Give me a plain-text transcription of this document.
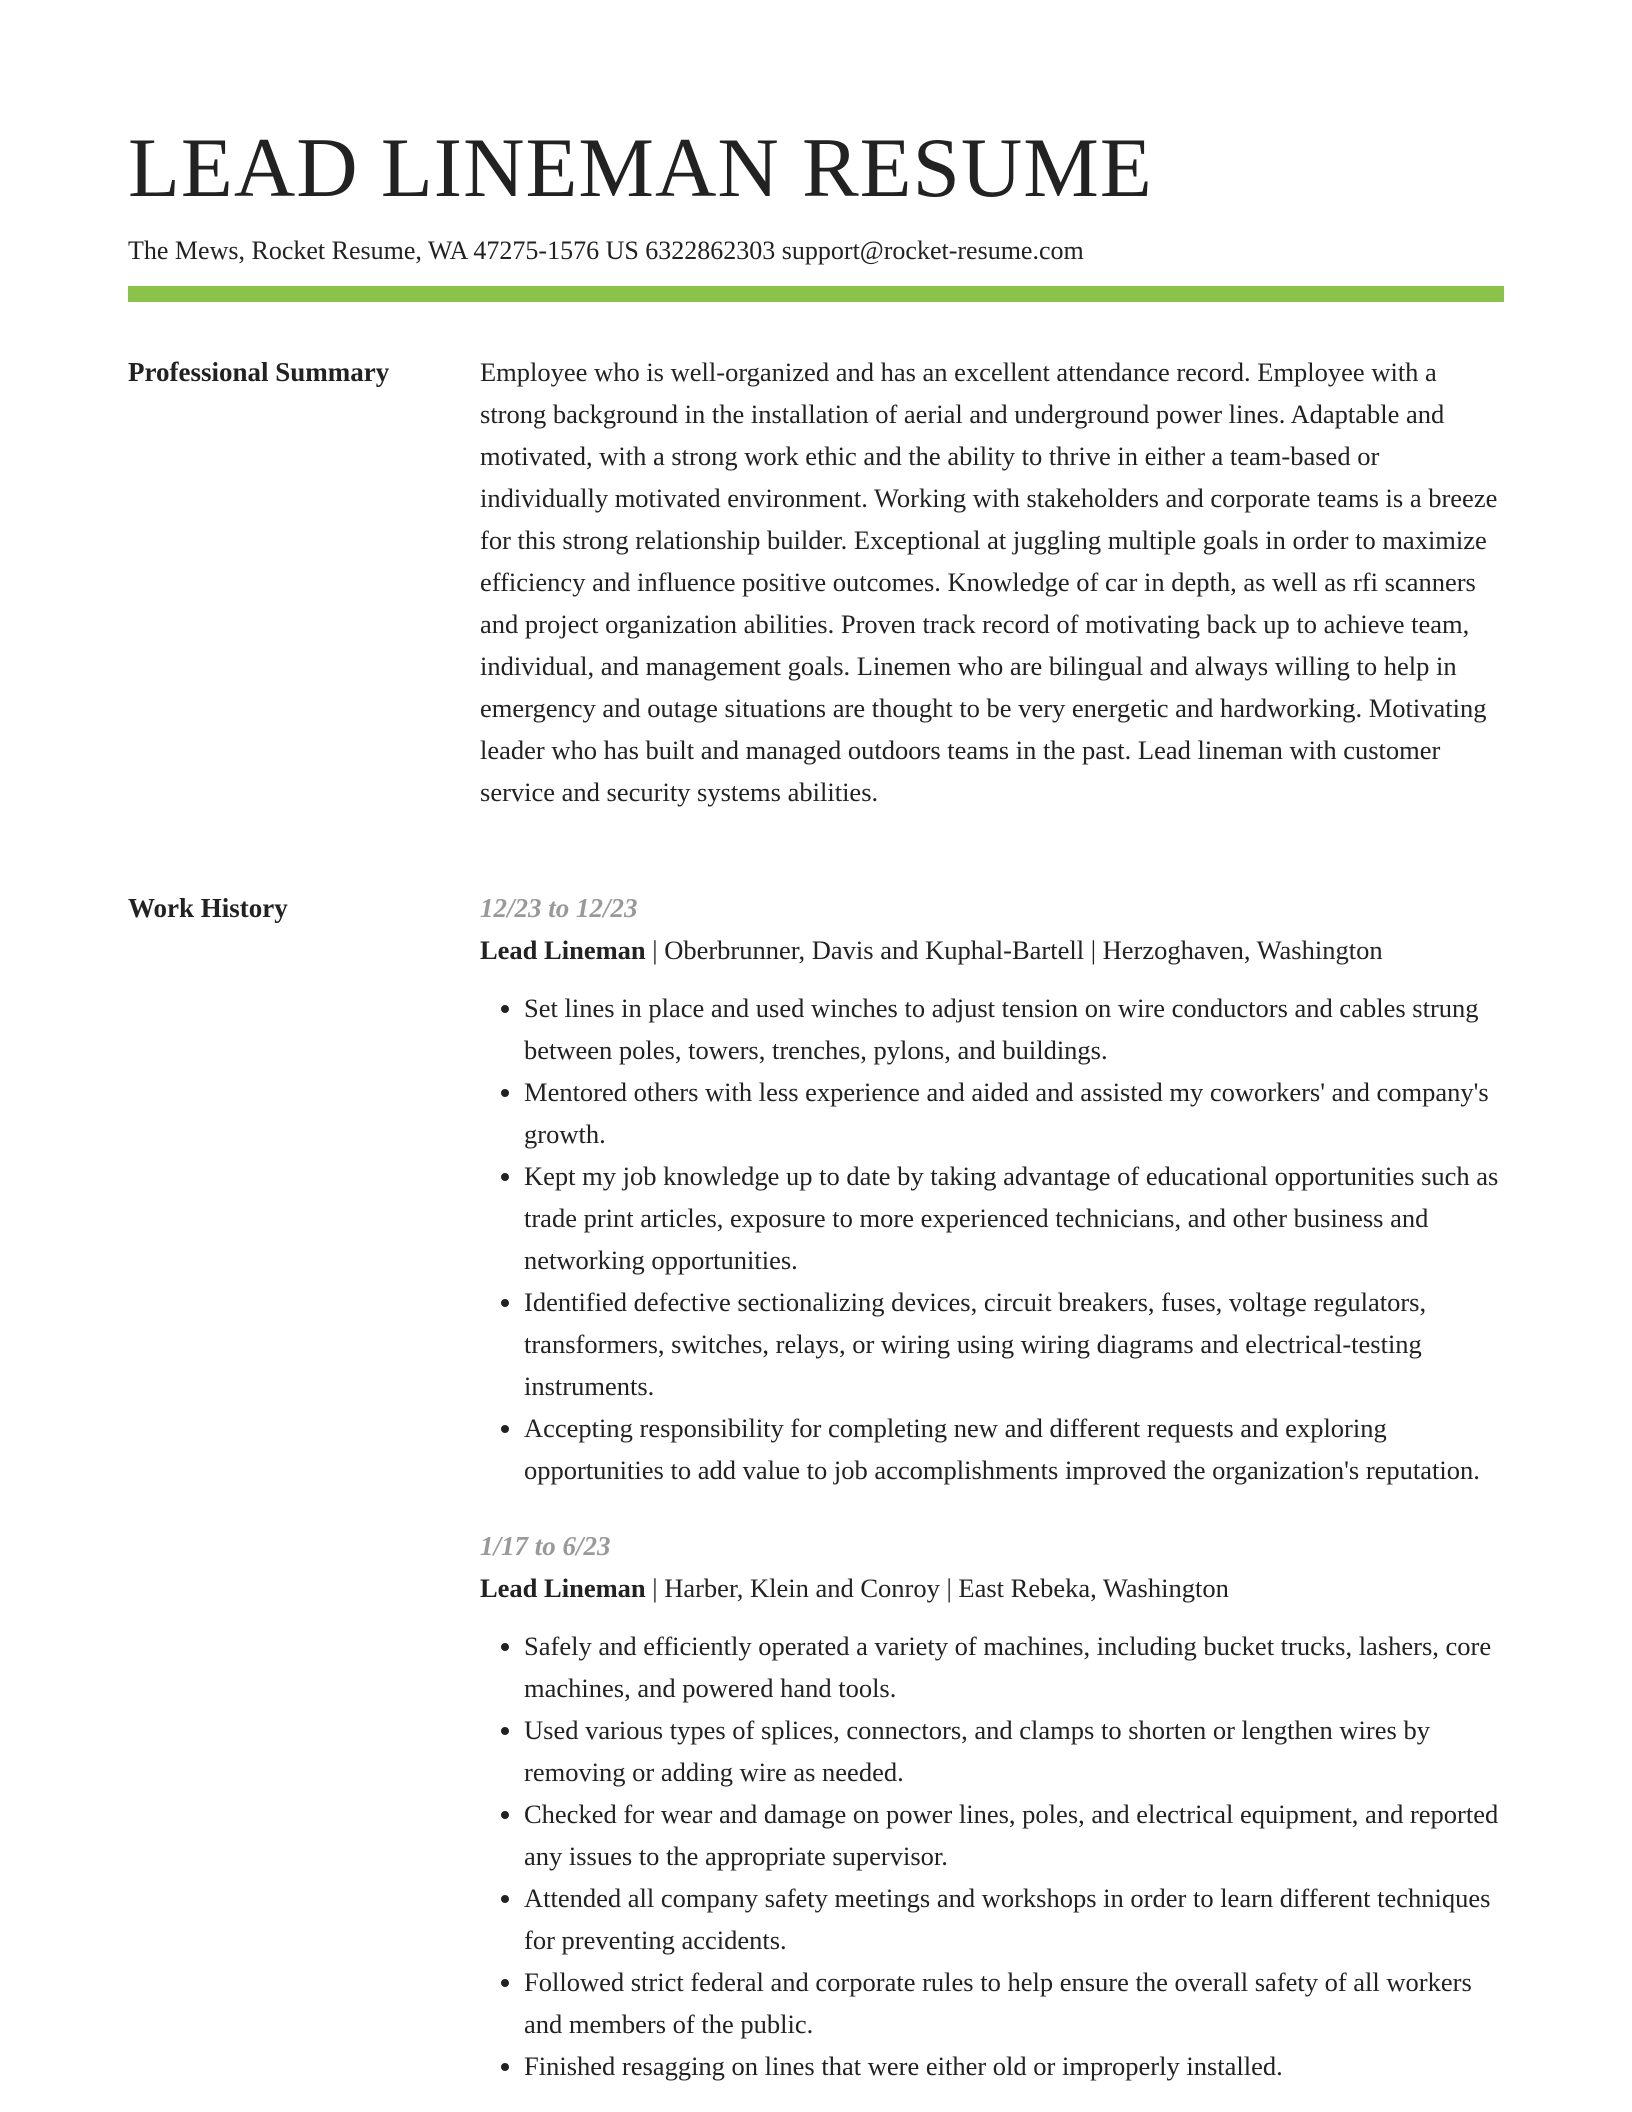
LEAD LINEMAN RESUME
The Mews, Rocket Resume, WA 47275-1576 US 6322862303 support@rocket-resume.com
Professional Summary	Employee who is well-organized and has an excellent attendance record. Employee with a strong background in the installation of aerial and underground power lines. Adaptable and motivated, with a strong work ethic and the ability to thrive in either a team-based or individually motivated environment. Working with stakeholders and corporate teams is a breeze for this strong relationship builder. Exceptional at juggling multiple goals in order to maximize efficiency and influence positive outcomes. Knowledge of car in depth, as well as rfi scanners and project organization abilities. Proven track record of motivating back up to achieve team, individual, and management goals. Linemen who are bilingual and always willing to help in emergency and outage situations are thought to be very energetic and hardworking. Motivating leader who has built and managed outdoors teams in the past. Lead lineman with customer service and security systems abilities.

Work History	12/23 to 12/23
Lead Lineman | Oberbrunner, Davis and Kuphal-Bartell | Herzoghaven, Washington
• Set lines in place and used winches to adjust tension on wire conductors and cables strung between poles, towers, trenches, pylons, and buildings.
• Mentored others with less experience and aided and assisted my coworkers' and company's growth.
• Kept my job knowledge up to date by taking advantage of educational opportunities such as trade print articles, exposure to more experienced technicians, and other business and networking opportunities.
• Identified defective sectionalizing devices, circuit breakers, fuses, voltage regulators, transformers, switches, relays, or wiring using wiring diagrams and electrical-testing instruments.
• Accepting responsibility for completing new and different requests and exploring opportunities to add value to job accomplishments improved the organization's reputation.
1/17 to 6/23
Lead Lineman | Harber, Klein and Conroy | East Rebeka, Washington
• Safely and efficiently operated a variety of machines, including bucket trucks, lashers, core machines, and powered hand tools.
• Used various types of splices, connectors, and clamps to shorten or lengthen wires by removing or adding wire as needed.
• Checked for wear and damage on power lines, poles, and electrical equipment, and reported any issues to the appropriate supervisor.
• Attended all company safety meetings and workshops in order to learn different techniques for preventing accidents.
• Followed strict federal and corporate rules to help ensure the overall safety of all workers and members of the public.
• Finished resagging on lines that were either old or improperly installed.
